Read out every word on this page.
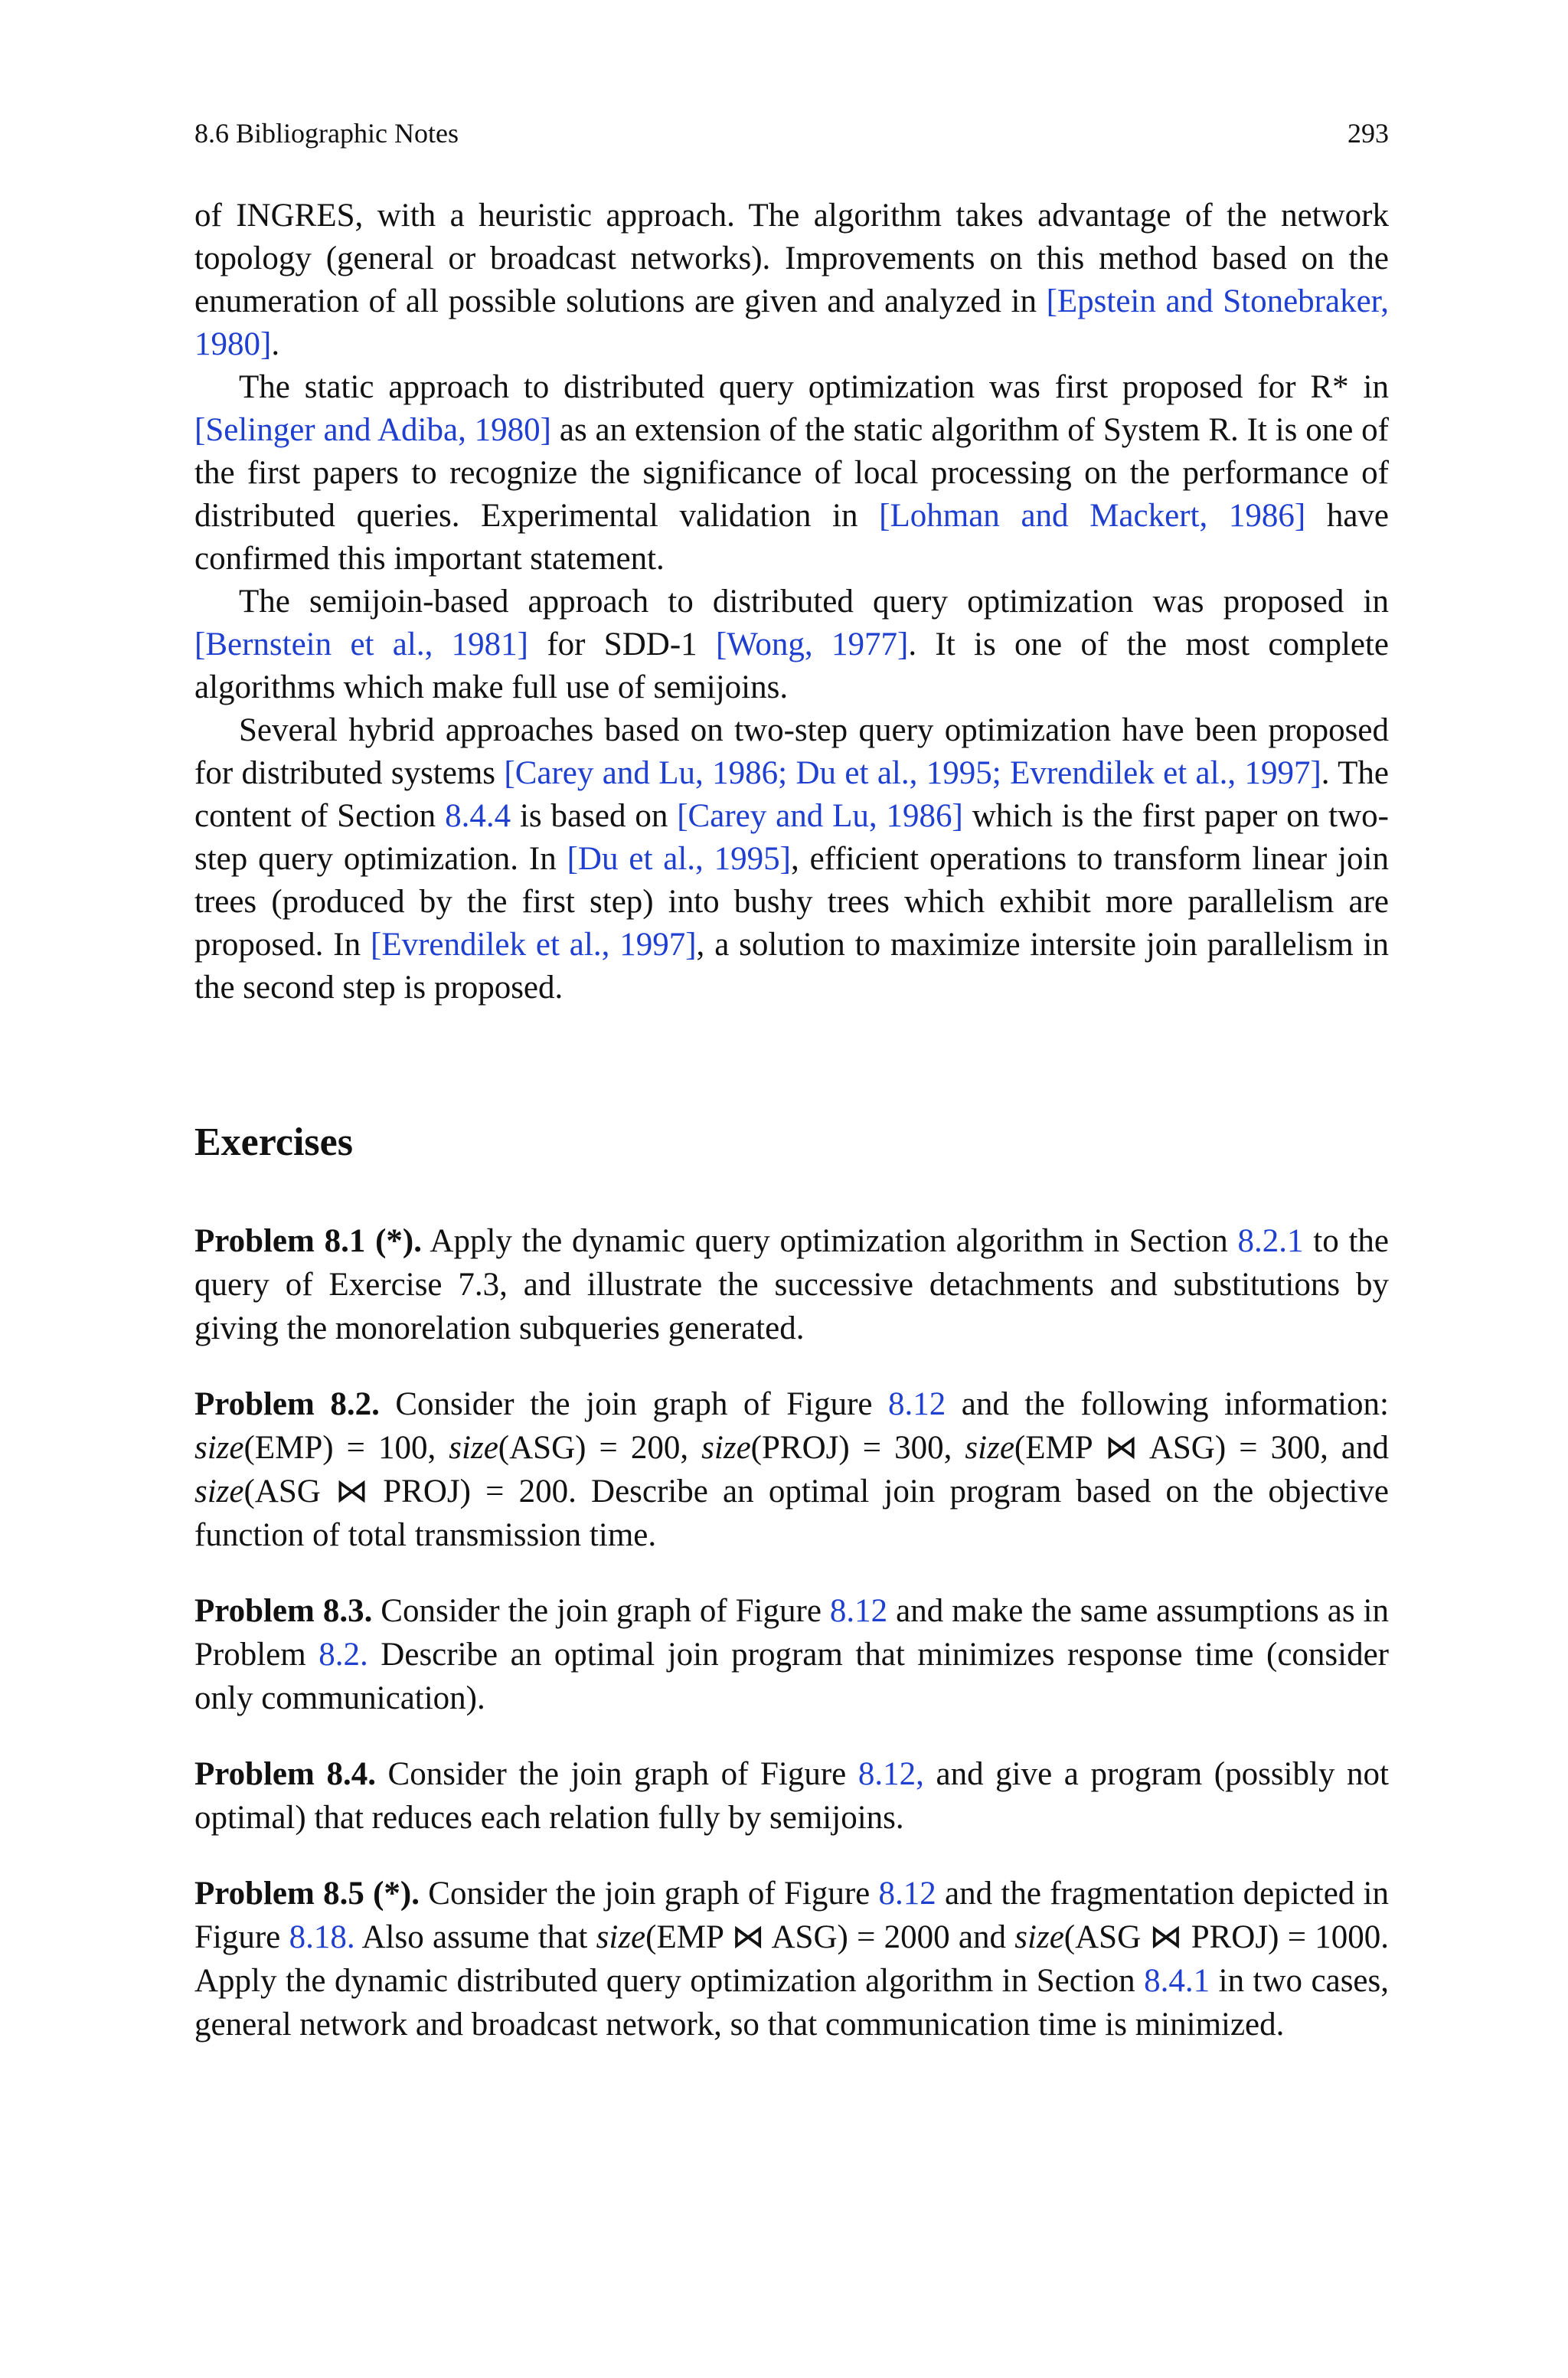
8.6 Bibliographic Notes	293

of INGRES, with a heuristic approach. The algorithm takes advantage of the network topology (general or broadcast networks). Improvements on this method based on the enumeration of all possible solutions are given and analyzed in [Epstein and Stonebraker, 1980].

The static approach to distributed query optimization was first proposed for R* in [Selinger and Adiba, 1980] as an extension of the static algorithm of System R. It is one of the first papers to recognize the significance of local processing on the performance of distributed queries. Experimental validation in [Lohman and Mackert, 1986] have confirmed this important statement.

The semijoin-based approach to distributed query optimization was proposed in [Bernstein et al., 1981] for SDD-1 [Wong, 1977]. It is one of the most complete algorithms which make full use of semijoins.

Several hybrid approaches based on two-step query optimization have been proposed for distributed systems [Carey and Lu, 1986; Du et al., 1995; Evrendilek et al., 1997]. The content of Section 8.4.4 is based on [Carey and Lu, 1986] which is the first paper on two-step query optimization. In [Du et al., 1995], efficient operations to transform linear join trees (produced by the first step) into bushy trees which exhibit more parallelism are proposed. In [Evrendilek et al., 1997], a solution to maximize intersite join parallelism in the second step is proposed.

Exercises

Problem 8.1 (*). Apply the dynamic query optimization algorithm in Section 8.2.1 to the query of Exercise 7.3, and illustrate the successive detachments and substitutions by giving the monorelation subqueries generated.

Problem 8.2. Consider the join graph of Figure 8.12 and the following information: size(EMP) = 100, size(ASG) = 200, size(PROJ) = 300, size(EMP ⋈ ASG) = 300, and size(ASG ⋈ PROJ) = 200. Describe an optimal join program based on the objective function of total transmission time.

Problem 8.3. Consider the join graph of Figure 8.12 and make the same assumptions as in Problem 8.2. Describe an optimal join program that minimizes response time (consider only communication).

Problem 8.4. Consider the join graph of Figure 8.12, and give a program (possibly not optimal) that reduces each relation fully by semijoins.

Problem 8.5 (*). Consider the join graph of Figure 8.12 and the fragmentation depicted in Figure 8.18. Also assume that size(EMP ⋈ ASG) = 2000 and size(ASG ⋈ PROJ) = 1000. Apply the dynamic distributed query optimization algorithm in Section 8.4.1 in two cases, general network and broadcast network, so that communication time is minimized.
